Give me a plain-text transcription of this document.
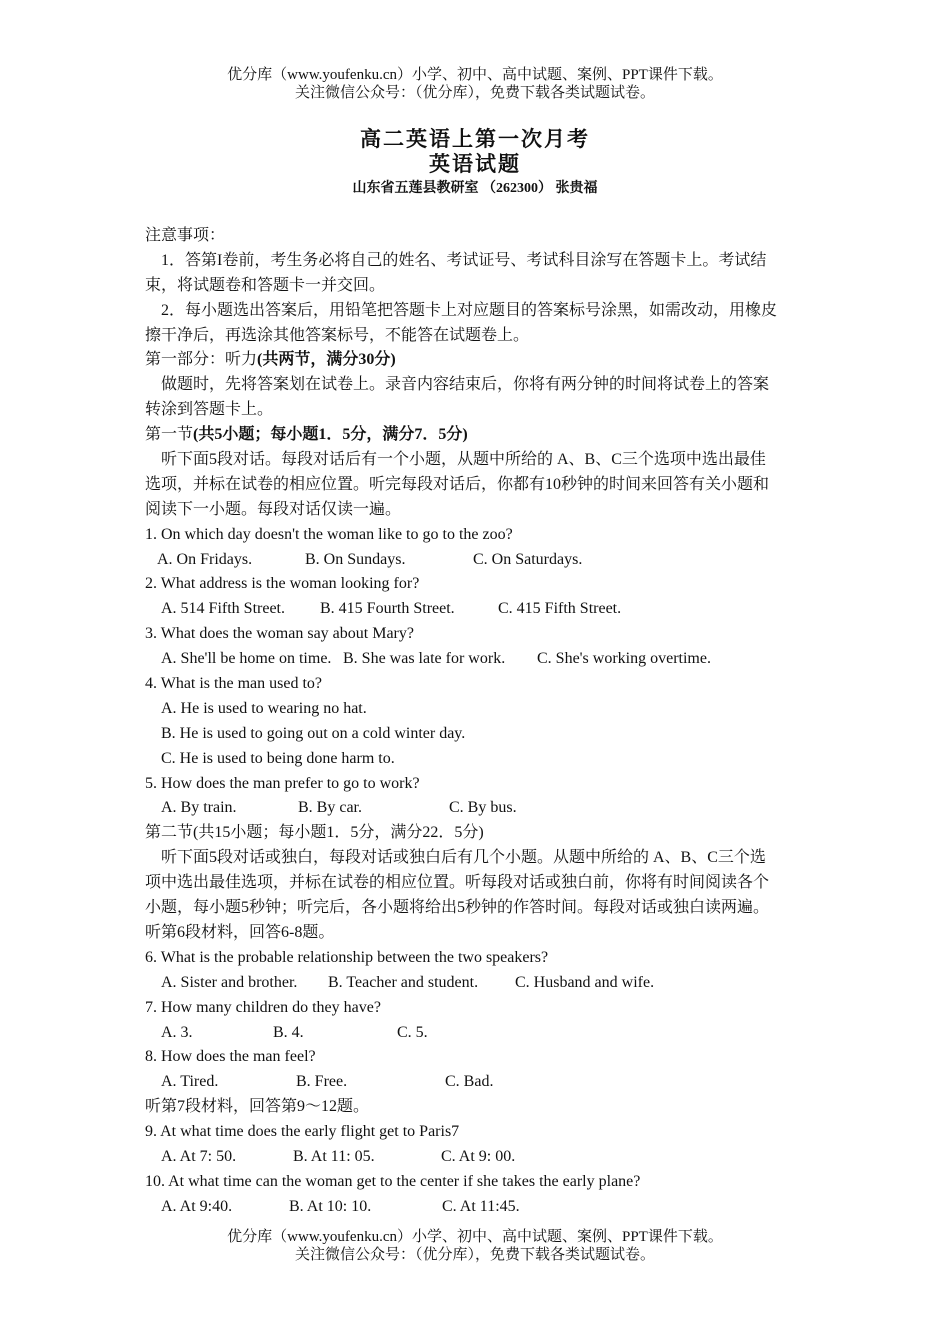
优分库（www.youfenku.cn）小学、初中、高中试题、案例、PPT课件下载。
关注微信公众号：（优分库），免费下载各类试题试卷。
高二英语上第一次月考
英语试题
山东省五莲县教研室 （262300） 张贵福
注意事项：
1．答第I卷前，考生务必将自己的姓名、考试证号、考试科目涂写在答题卡上。考试结
束，将试题卷和答题卡一并交回。
2．每小题选出答案后，用铅笔把答题卡上对应题目的答案标号涂黑，如需改动，用橡皮
擦干净后，再选涂其他答案标号，不能答在试题卷上。
第一部分：听力(共两节，满分30分)
做题时，先将答案划在试卷上。录音内容结束后，你将有两分钟的时间将试卷上的答案
转涂到答题卡上。
第一节(共5小题；每小题1．5分，满分7．5分)
听下面5段对话。每段对话后有一个小题，从题中所给的 A、B、C三个选项中选出最佳
选项，并标在试卷的相应位置。听完每段对话后，你都有10秒钟的时间来回答有关小题和
阅读下一小题。每段对话仅读一遍。
1. On which day doesn't the woman like to go to the zoo?
A. On Fridays.	B. On Sundays.	C. On Saturdays.
2. What address is the woman looking for?
A. 514 Fifth Street. B. 415 Fourth Street.	C. 415 Fifth Street.
3. What does the woman say about Mary?
A. She'll be home on time. B. She was late for work. C. She's working overtime.
4. What is the man used to?
A. He is used to wearing no hat.
B. He is used to going out on a cold winter day.
C. He is used to being done harm to.
5. How does the man prefer to go to work?
A. By train.	B. By car.	C. By bus.
第二节(共15小题；每小题1．5分，满分22．5分)
听下面5段对话或独白，每段对话或独白后有几个小题。从题中所给的 A、B、C三个选
项中选出最佳选项，并标在试卷的相应位置。听每段对话或独白前，你将有时间阅读各个
小题，每小题5秒钟；听完后，各小题将给出5秒钟的作答时间。每段对话或独白读两遍。
听第6段材料，回答6-8题。
6. What is the probable relationship between the two speakers?
A. Sister and brother. B. Teacher and student. C. Husband and wife.
7. How many children do they have?
A. 3.	B. 4.	C. 5.
8. How does the man feel?
A. Tired.	B. Free.	C. Bad.
听第7段材料，回答第9～12题。
9. At what time does the early flight get to Paris7
A. At 7: 50.	B. At 11: 05.	C. At 9: 00.
10. At what time can the woman get to the center if she takes the early plane?
A. At 9:40.	B. At 10: 10.	C. At 11:45.
优分库（www.youfenku.cn）小学、初中、高中试题、案例、PPT课件下载。
关注微信公众号：（优分库），免费下载各类试题试卷。
